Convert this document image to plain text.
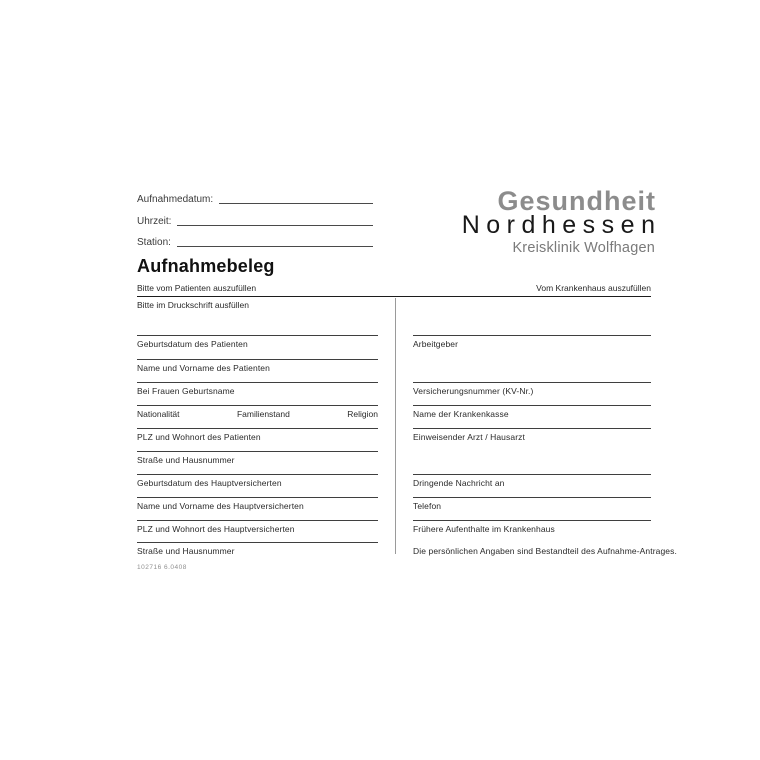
Aufnahmedatum:
Uhrzeit:
Station:
Gesundheit
Nordhessen
Kreisklinik Wolfhagen
Aufnahmebeleg
Bitte vom Patienten auszufüllen	Vom Krankenhaus auszufüllen
Bitte im Druckschrift ausfüllen
Geburtsdatum des Patienten
Name und Vorname des Patienten
Bei Frauen Geburtsname
Nationalität	Familienstand	Religion
PLZ und Wohnort des Patienten
Straße und Hausnummer
Geburtsdatum des Hauptversicherten
Name und Vorname des Hauptversicherten
PLZ und Wohnort des Hauptversicherten
Straße und Hausnummer
Arbeitgeber
Versicherungsnummer (KV-Nr.)
Name der Krankenkasse
Einweisender Arzt / Hausarzt
Dringende Nachricht an
Telefon
Frühere Aufenthalte im Krankenhaus
Die persönlichen Angaben sind Bestandteil des Aufnahme-Antrages.
102716 6.0408
